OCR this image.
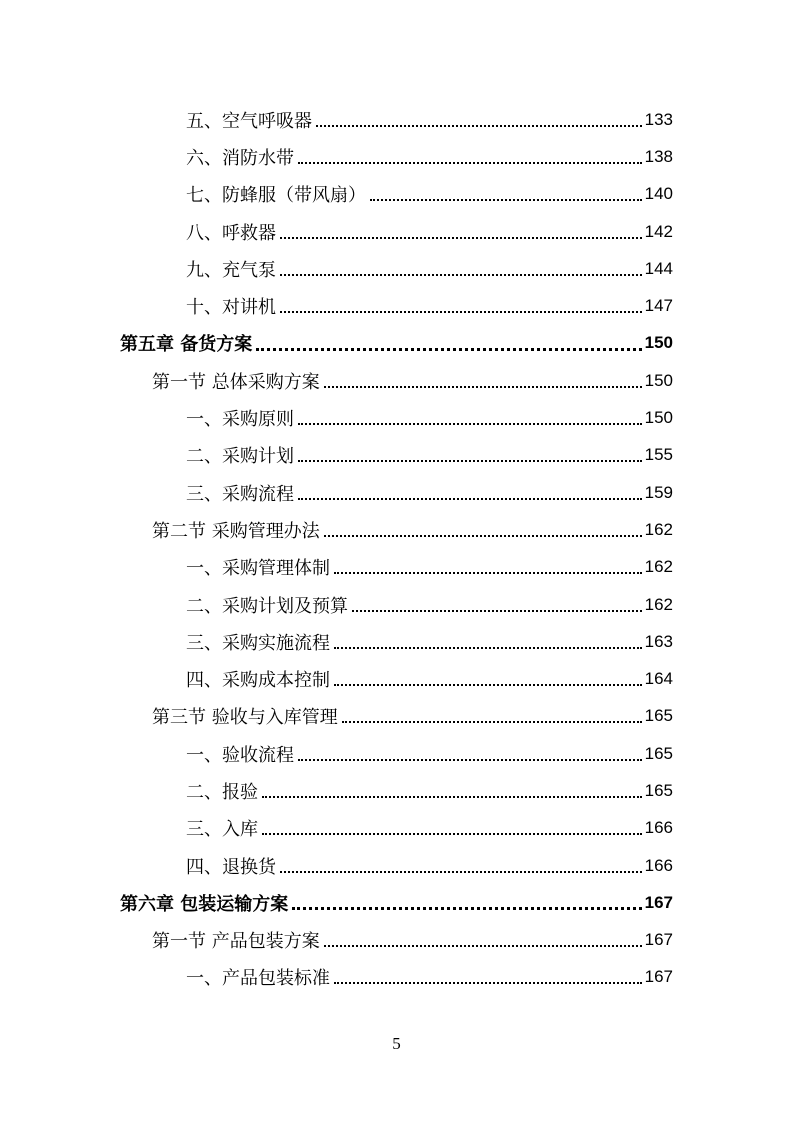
五、空气呼吸器	133
六、消防水带	138
七、防蜂服（带风扇）	140
八、呼救器	142
九、充气泵	144
十、对讲机	147
第五章 备货方案	150
第一节 总体采购方案	150
一、采购原则	150
二、采购计划	155
三、采购流程	159
第二节 采购管理办法	162
一、采购管理体制	162
二、采购计划及预算	162
三、采购实施流程	163
四、采购成本控制	164
第三节 验收与入库管理	165
一、验收流程	165
二、报验	165
三、入库	166
四、退换货	166
第六章 包装运输方案	167
第一节 产品包装方案	167
一、产品包装标准	167
5
